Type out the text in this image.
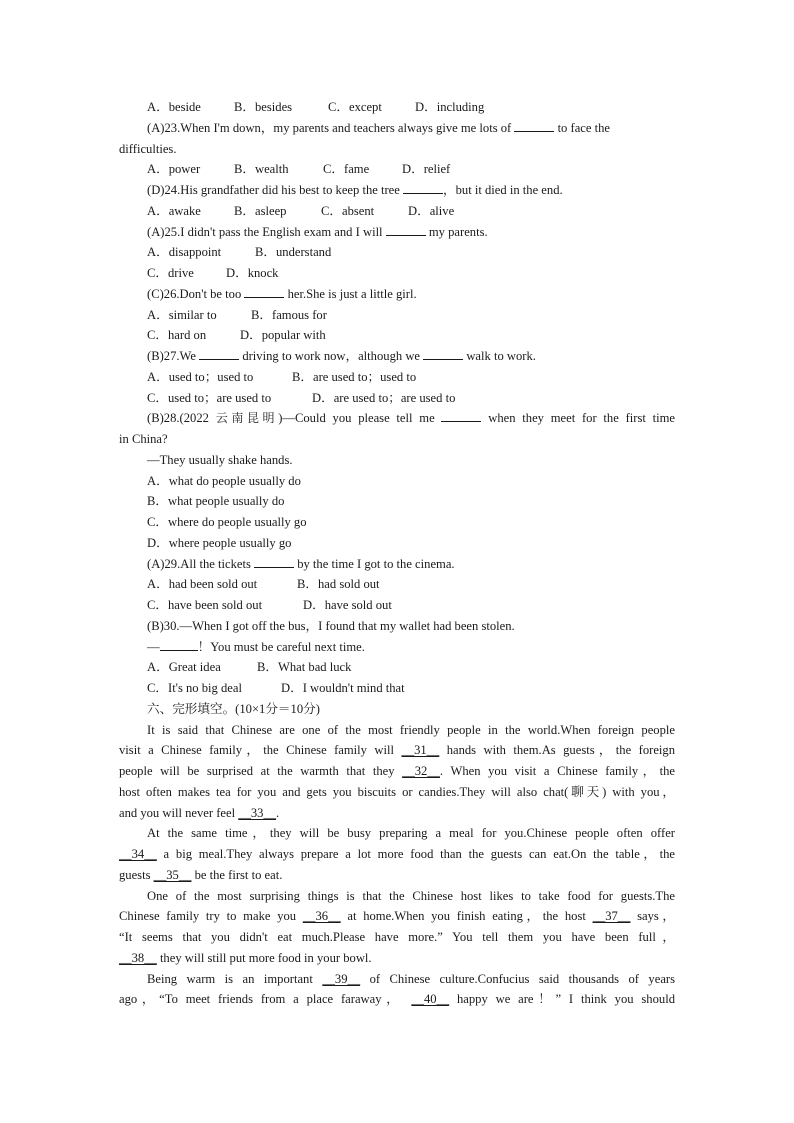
A．beside	B．besides	C．except	D．including
(A)23.When I'm down，my parents and teachers always give me lots of	to face the
difficulties.
A．power	B．wealth	C．fame	D．relief
(D)24.His grandfather did his best to keep the tree	，but it died in the end.
A．awake	B．asleep	C．absent	D．alive
(A)25.I didn't pass the English exam and I will	my parents.
A．disappoint	B．understand
C．drive	D．knock
(C)26.Don't be too	her.She is just a little girl.
A．similar to	B．famous for
C．hard on	D．popular with
(B)27.We	driving to work now，although we	walk to work.
A．used to；used to	B．are used to；used to
C．used to；are used to	D．are used to；are used to
(B)28.(2022 云南昆明)—Could you please tell me	when they meet for the first time
in China?
—They usually shake hands.
A．what do people usually do
B．what people usually do
C．where do people usually go
D．where people usually go
(A)29.All the tickets	by the time I got to the cinema.
A．had been sold out	B．had sold out
C．have been sold out	D．have sold out
(B)30.—When I got off the bus，I found that my wallet had been stolen.
—	！You must be careful next time.
A．Great idea	B．What bad luck
C．It's no big deal	D．I wouldn't mind that
六、完形填空。(10×1分＝10分)
It is said that Chinese are one of the most friendly people in the world.When foreign people
visit a Chinese family，the Chinese family will __31__ hands with them.As guests，the foreign
people will be surprised at the warmth that they __32__. When you visit a Chinese family，the
host often makes tea for you and gets you biscuits or candies.They will also chat(聊天) with you，
and you will never feel __33__.
At the same time，they will be busy preparing a meal for you.Chinese people often offer
__34__ a big meal.They always prepare a lot more food than the guests can eat.On the table，the
guests __35__ be the first to eat.
One of the most surprising things is that the Chinese host likes to take food for guests.The
Chinese family try to make you __36__ at home.When you finish eating，the host __37__ says，
“It seems that you didn't eat much.Please have more.” You tell them you have been full，
__38__ they will still put more food in your bowl.
Being warm is an important __39__ of Chinese culture.Confucius said thousands of years
ago，“To meet friends from a place faraway， __40__ happy we are！” I think you should
